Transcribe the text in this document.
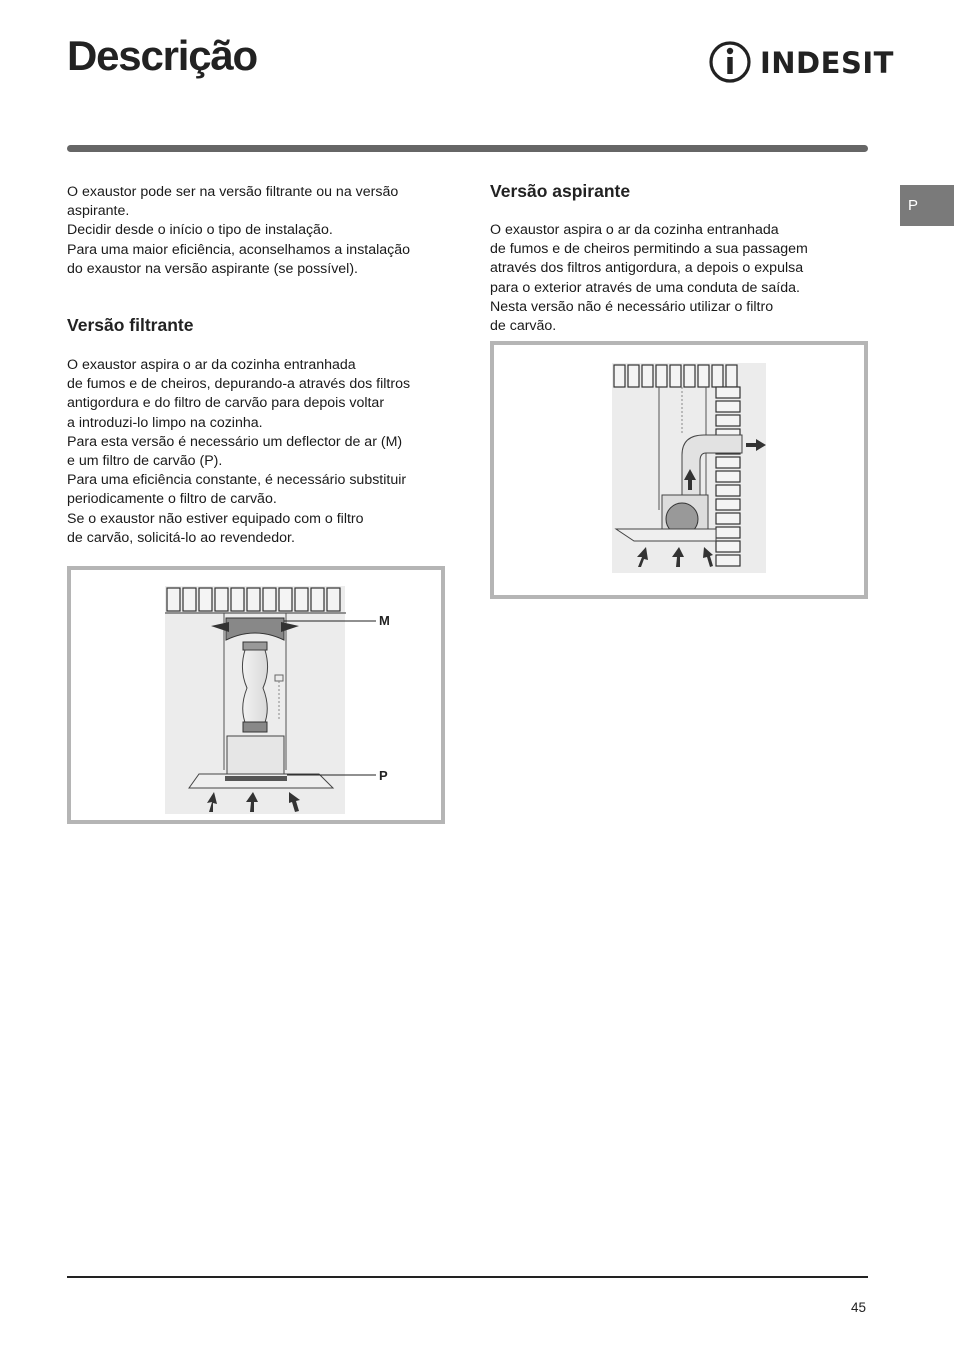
Descrição	INDESIT
P

O exaustor pode ser na versão filtrante ou na versão
aspirante.
Decidir desde o início o tipo de instalação.
Para uma maior eficiência, aconselhamos a instalação
do exaustor na versão aspirante (se possível).

Versão filtrante

O exaustor aspira o ar da cozinha entranhada
de fumos e de cheiros, depurando-a através dos filtros
antigordura e do filtro de carvão para depois voltar
a introduzi-lo limpo na cozinha.
Para esta versão é necessário um deflector de ar (M)
e um filtro de carvão (P).
Para uma eficiência constante, é necessário substituir
periodicamente o filtro de carvão.
Se o exaustor não estiver equipado com o filtro
de carvão, solicitá-lo ao revendedor.

M
P
Versão aspirante

O exaustor aspira o ar da cozinha entranhada
de fumos e de cheiros permitindo a sua passagem
através dos filtros antigordura, a depois o expulsa
para o exterior através de uma conduta de saída.
Nesta versão não é necessário utilizar o filtro
de carvão.

45
